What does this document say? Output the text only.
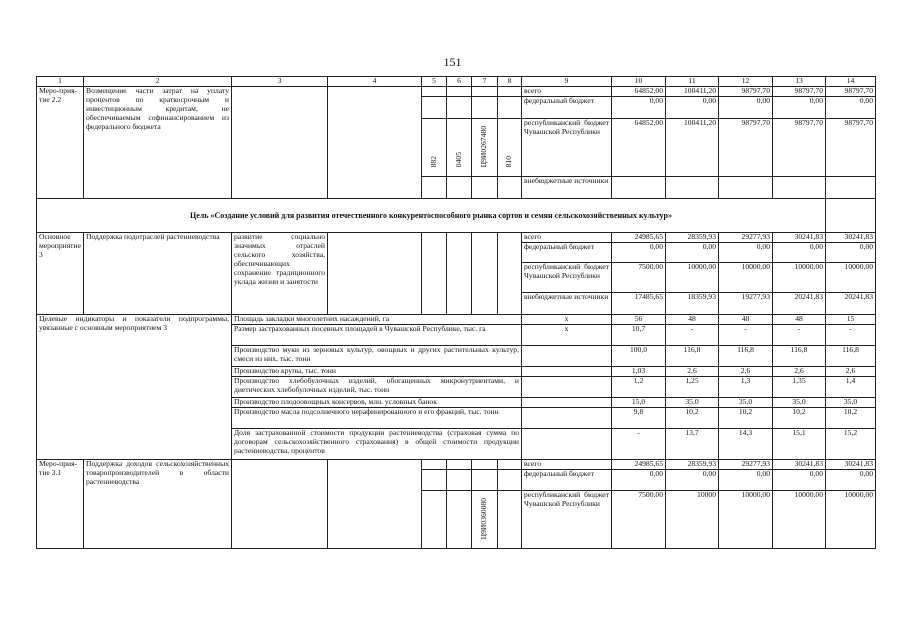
151
1	2	3	4	5	6	7	8	9	10	11	12	13	14
Меро-прия-тие 2.2	Возмещение части затрат на уплату процентов по краткосрочным и инвестиционным кредитам, не обеспечиваемым софинансированием из федерального бюджета							всего	64852,00	100411,20	98797,70	98797,70	98797,70
								федеральный бюджет	0,00	0,00	0,00	0,00	0,00
				882	0405	Ц9И0267480	810	республиканский бюджет Чувашской Республики	64852,00	100411,20	98797,70	98797,70	98797,70
								внебюджетные источники					
Цель «Создание условий для развития отечественного конкурентоспособного рынка сортов и семян сельскохозяйственных культур»													
Основное мероприятие 3	Поддержка подотраслей растениеводства	развитие социально значимых отраслей сельского хозяйства, обеспечивающих сохранение традиционного уклада жизни и занятости						всего	24985,65	28359,93	29277,93	30241,83	30241,83
								федеральный бюджет	0,00	0,00	0,00	0,00	0,00
								республиканский бюджет Чувашской Республики	7500,00	10000,00	10000,00	10000,00	10000,00
								внебюджетные источники	17485,65	18359,93	19277,93	20241,83	20241,83
Целевые индикаторы и показатели подпрограммы, увязанные с основным мероприятием 3		Площадь закладки многолетних насаждений, га						x	56	48	48	48	15
		Размер застрахованных посевных площадей в Чувашской Республике, тыс. га						x	10,7	-	-	-	-
		Производство муки из зерновых культур, овощных и других растительных культур, смеси из них, тыс. тонн							100,0	116,8	116,8	116,8	116,8
		Производство крупы, тыс. тонн							1,03	2,6	2,6	2,6	2,6
		Производство хлебобулочных изделий, обогащенных микронутриентами, и диетических хлебобулочных изделий, тыс. тонн							1,2	1,25	1,3	1,35	1,4
		Производство плодоовощных консервов, млн. условных банок							15,0	35,0	35,0	35,0	35,0
		Производство масла подсолнечного нерафинированного и его фракций, тыс. тонн							9,8	10,2	10,2	10,2	10,2
		Доля застрахованной стоимости продукции растениеводства (страховая сумма по договорам сельскохозяйственного страхования) в общей стоимости продукции растениеводства, процентов							-	13,7	14,3	15,1	15,2
Меро-прия-тие 3.1	Поддержка доходов сельскохозяйственных товаропроизводителей в области растениеводства							всего	24985,65	28359,93	29277,93	30241,83	30241,83
								федеральный бюджет	0,00	0,00	0,00	0,00	0,00
						Ц9И0360080		республиканский бюджет Чувашской Республики	7500,00	10000	10000,00	10000,00	10000,00
